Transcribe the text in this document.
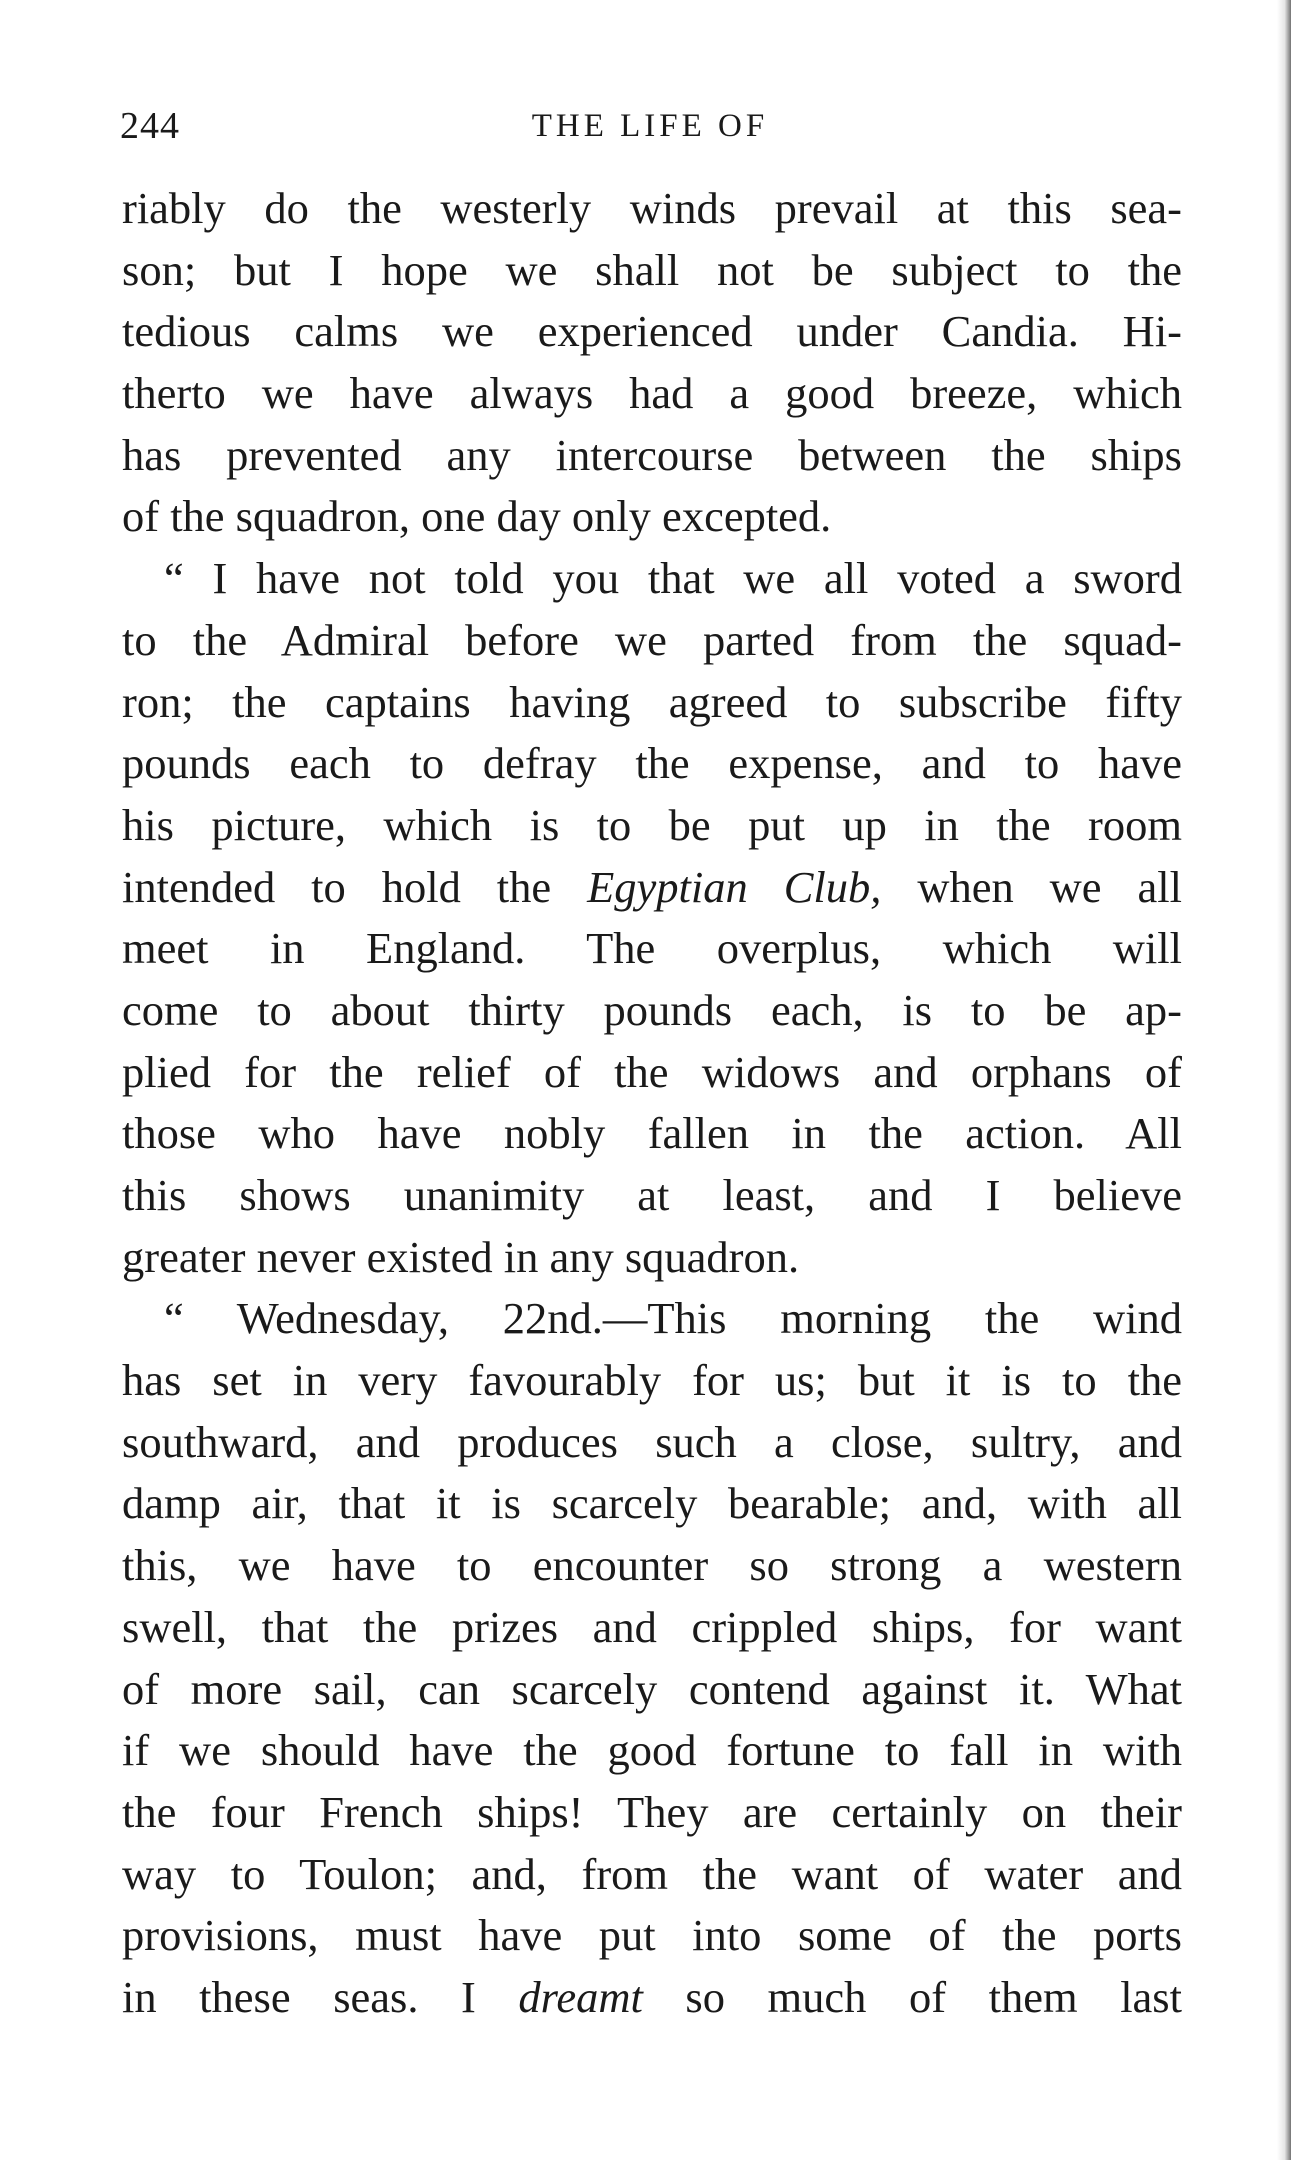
244	THE LIFE OF
riably do the westerly winds prevail at this sea-
son; but I hope we shall not be subject to the
tedious calms we experienced under Candia. Hi-
therto we have always had a good breeze, which
has prevented any intercourse between the ships
of the squadron, one day only excepted.
“ I have not told you that we all voted a sword
to the Admiral before we parted from the squad-
ron; the captains having agreed to subscribe fifty
pounds each to defray the expense, and to have
his picture, which is to be put up in the room
intended to hold the Egyptian Club, when we all
meet in England. The overplus, which will
come to about thirty pounds each, is to be ap-
plied for the relief of the widows and orphans of
those who have nobly fallen in the action. All
this shows unanimity at least, and I believe
greater never existed in any squadron.
“ Wednesday, 22nd.—This morning the wind
has set in very favourably for us; but it is to the
southward, and produces such a close, sultry, and
damp air, that it is scarcely bearable; and, with all
this, we have to encounter so strong a western
swell, that the prizes and crippled ships, for want
of more sail, can scarcely contend against it. What
if we should have the good fortune to fall in with
the four French ships! They are certainly on their
way to Toulon; and, from the want of water and
provisions, must have put into some of the ports
in these seas. I dreamt so much of them last
